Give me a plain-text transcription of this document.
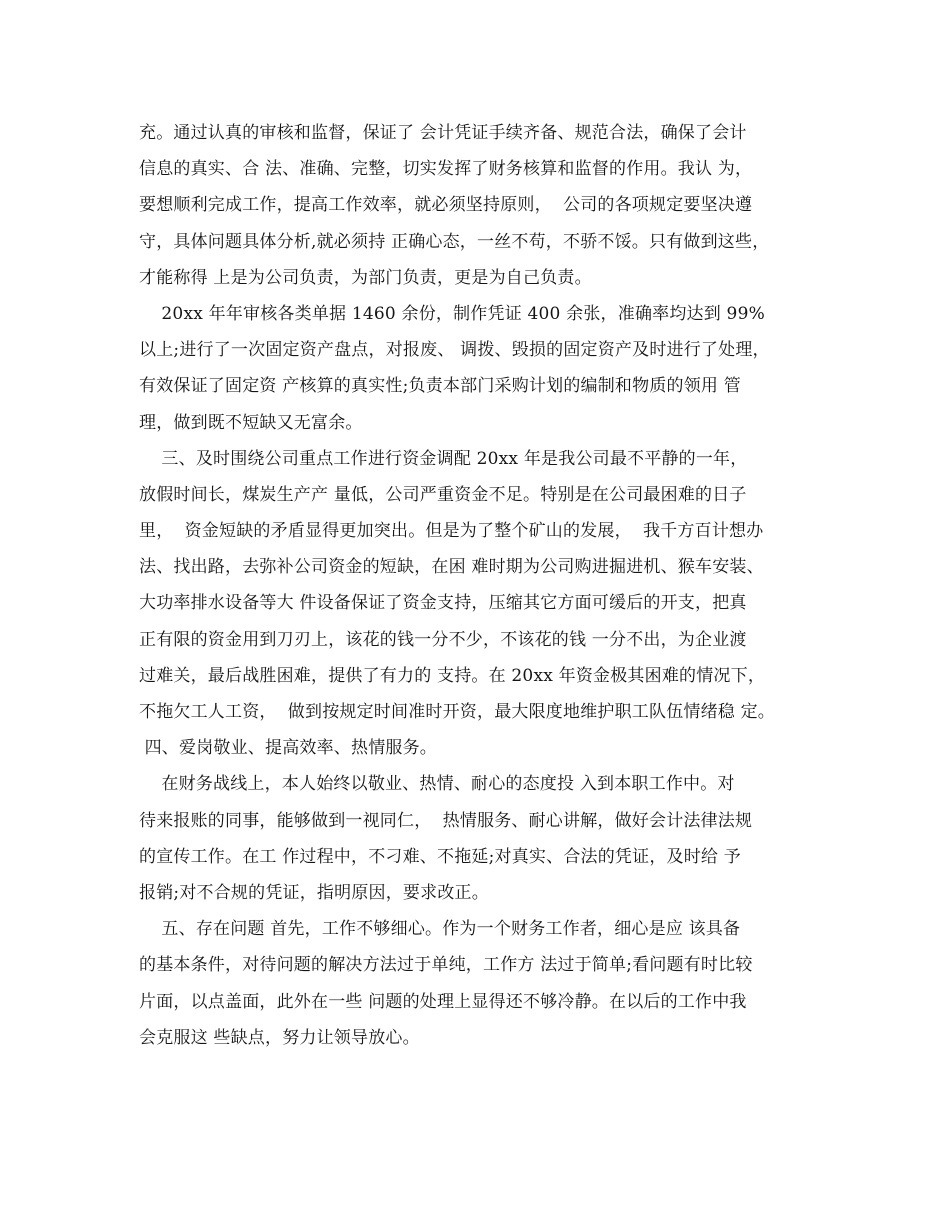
充。通过认真的审核和监督，保证了 会计凭证手续齐备、规范合法，确保了会计
信息的真实、合 法、准确、完整，切实发挥了财务核算和监督的作用。我认 为，
要想顺利完成工作，提高工作效率，就必须坚持原则，  公司的各项规定要坚决遵
守，具体问题具体分析,就必须持 正确心态，一丝不苟，不骄不馁。只有做到这些，
才能称得 上是为公司负责，为部门负责，更是为自己负责。
20xx 年年审核各类单据 1460 余份，制作凭证 400 余张，准确率均达到 99%
以上;进行了一次固定资产盘点，对报废、 调拨、毁损的固定资产及时进行了处理，
有效保证了固定资 产核算的真实性;负责本部门采购计划的编制和物质的领用 管
理，做到既不短缺又无富余。
三、及时围绕公司重点工作进行资金调配 20xx 年是我公司最不平静的一年，
放假时间长，煤炭生产产 量低，公司严重资金不足。特别是在公司最困难的日子
里，  资金短缺的矛盾显得更加突出。但是为了整个矿山的发展，  我千方百计想办
法、找出路，去弥补公司资金的短缺，在困 难时期为公司购进掘进机、猴车安装、
大功率排水设备等大 件设备保证了资金支持，压缩其它方面可缓后的开支，把真
正有限的资金用到刀刃上，该花的钱一分不少，不该花的钱 一分不出，为企业渡
过难关，最后战胜困难，提供了有力的 支持。在 20xx 年资金极其困难的情况下，
不拖欠工人工资，  做到按规定时间准时开资，最大限度地维护职工队伍情绪稳 定。
四、爱岗敬业、提高效率、热情服务。
在财务战线上，本人始终以敬业、热情、耐心的态度投 入到本职工作中。对
待来报账的同事，能够做到一视同仁，  热情服务、耐心讲解，做好会计法律法规
的宣传工作。在工 作过程中，不刁难、不拖延;对真实、合法的凭证，及时给 予
报销;对不合规的凭证，指明原因，要求改正。
五、存在问题 首先，工作不够细心。作为一个财务工作者，细心是应 该具备
的基本条件，对待问题的解决方法过于单纯，工作方 法过于简单;看问题有时比较
片面，以点盖面，此外在一些 问题的处理上显得还不够冷静。在以后的工作中我
会克服这 些缺点，努力让领导放心。
